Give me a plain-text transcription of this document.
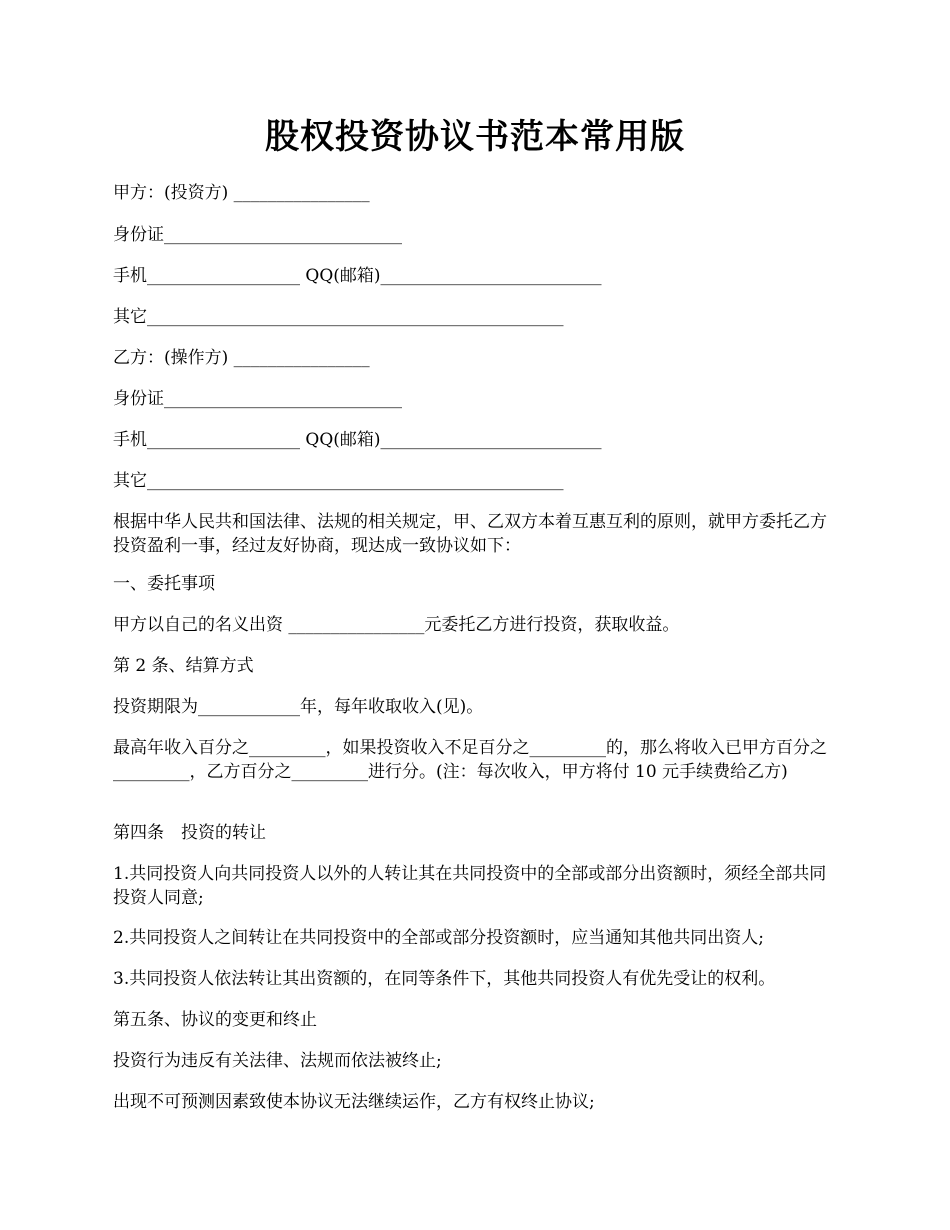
股权投资协议书范本常用版

甲方：(投资方) ________________

身份证____________________________

手机__________________ QQ(邮箱)__________________________

其它_________________________________________________

乙方：(操作方) ________________

身份证____________________________

手机__________________ QQ(邮箱)__________________________

其它_________________________________________________

根据中华人民共和国法律、法规的相关规定，甲、乙双方本着互惠互利的原则，就甲方委托乙方投资盈利一事，经过友好协商，现达成一致协议如下：

一、委托事项

甲方以自己的名义出资 ________________元委托乙方进行投资，获取收益。

第 2 条、结算方式

投资期限为____________年，每年收取收入(见)。

最高年收入百分之_________，如果投资收入不足百分之_________的，那么将收入已甲方百分之_________，乙方百分之_________进行分。(注：每次收入，甲方将付 10 元手续费给乙方)

第四条　投资的转让

1.共同投资人向共同投资人以外的人转让其在共同投资中的全部或部分出资额时，须经全部共同投资人同意;

2.共同投资人之间转让在共同投资中的全部或部分投资额时，应当通知其他共同出资人;

3.共同投资人依法转让其出资额的，在同等条件下，其他共同投资人有优先受让的权利。

第五条、协议的变更和终止

投资行为违反有关法律、法规而依法被终止;

出现不可预测因素致使本协议无法继续运作，乙方有权终止协议;
